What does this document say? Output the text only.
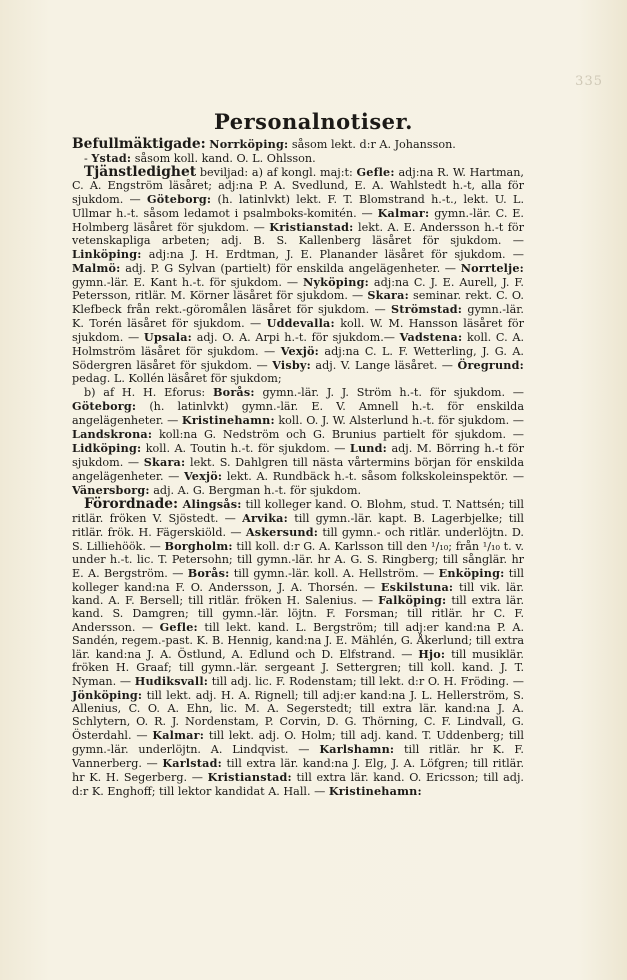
335
Personalnotiser.

Befullmäktigade: Norrköping: såsom lekt. d:r A. Johansson.

- Ystad: såsom koll. kand. O. L. Ohlsson.

Tjänstledighet beviljad: a) af kongl. maj:t: Gefle: adj:na R. W. Hartman, C. A. Engström läsåret; adj:na P. A. Svedlund, E. A. Wahlstedt h.-t, alla för sjukdom. — Göteborg: (h. latinlvkt) lekt. F. T. Blomstrand h.-t., lekt. U. L. Ullmar h.-t. såsom ledamot i psalmboks-komitén. — Kalmar: gymn.-lär. C. E. Holmberg läsåret för sjukdom. — Kristianstad: lekt. A. E. Andersson h.-t för vetenskapliga arbeten; adj. B. S. Kallenberg läsåret för sjukdom. — Linköping: adj:na J. H. Erdtman, J. E. Planander läsåret för sjukdom. — Malmö: adj. P. G Sylvan (partielt) för enskilda angelägenheter. — Norrtelje: gymn.-lär. E. Kant h.-t. för sjukdom. — Nyköping: adj:na C. J. E. Aurell, J. F. Petersson, ritlär. M. Körner läsåret för sjukdom. — Skara: seminar. rekt. C. O. Klefbeck från rekt.-göromålen läsåret för sjukdom. — Strömstad: gymn.-lär. K. Torén läsåret för sjukdom. — Uddevalla: koll. W. M. Hansson läsåret för sjukdom. — Upsala: adj. O. A. Arpi h.-t. för sjukdom.— Vadstena: koll. C. A. Holmström läsåret för sjukdom. — Vexjö: adj:na C. L. F. Wetterling, J. G. A. Södergren läsåret för sjukdom. — Visby: adj. V. Lange läsåret. — Öregrund: pedag. L. Kollén läsåret för sjukdom;

b) af H. H. Eforus: Borås: gymn.-lär. J. J. Ström h.-t. för sjukdom. — Göteborg: (h. latinlvkt) gymn.-lär. E. V. Amnell h.-t. för enskilda angelägenheter. — Kristinehamn: koll. O. J. W. Alsterlund h.-t. för sjukdom. — Landskrona: koll:na G. Nedström och G. Brunius partielt för sjukdom. — Lidköping: koll. A. Toutin h.-t. för sjukdom. — Lund: adj. M. Börring h.-t för sjukdom. — Skara: lekt. S. Dahlgren till nästa vårtermins början för enskilda angelägenheter. — Vexjö: lekt. A. Rundbäck h.-t. såsom folkskoleinspektör. — Vänersborg: adj. A. G. Bergman h.-t. för sjukdom.

Förordnade: Alingsås: till kolleger kand. O. Blohm, stud. T. Nattsén; till ritlär. fröken V. Sjöstedt. — Arvika: till gymn.-lär. kapt. B. Lagerbjelke; till ritlär. frök. H. Fägerskiöld. — Askersund: till gymn.- och ritlär. underlöjtn. D. S. Lilliehöök. — Borgholm: till koll. d:r G. A. Karlsson till den ¹/₁₀; från ¹/₁₀ t. v. under h.-t. lic. T. Petersohn; till gymn.-lär. hr A. G. S. Ringberg; till sånglär. hr E. A. Bergström. — Borås: till gymn.-lär. koll. A. Hellström. — Enköping: till kolleger kand:na F. O. Andersson, J. A. Thorsén. — Eskilstuna: till vik. lär. kand. A. F. Bersell; till ritlär. fröken H. Salenius. — Falköping: till extra lär. kand. S. Damgren; till gymn.-lär. löjtn. F. Forsman; till ritlär. hr C. F. Andersson. — Gefle: till lekt. kand. L. Bergström; till adj:er kand:na P. A. Sandén, regem.-past. K. B. Hennig, kand:na J. E. Mählén, G. Åkerlund; till extra lär. kand:na J. A. Östlund, A. Edlund och D. Elfstrand. — Hjo: till musiklär. fröken H. Graaf; till gymn.-lär. sergeant J. Settergren; till koll. kand. J. T. Nyman. — Hudiksvall: till adj. lic. F. Rodenstam; till lekt. d:r O. H. Fröding. — Jönköping: till lekt. adj. H. A. Rignell; till adj:er kand:na J. L. Hellerström, S. Allenius, C. O. A. Ehn, lic. M. A. Segerstedt; till extra lär. kand:na J. A. Schlytern, O. R. J. Nordenstam, P. Corvin, D. G. Thörning, C. F. Lindvall, G. Österdahl. — Kalmar: till lekt. adj. O. Holm; till adj. kand. T. Uddenberg; till gymn.-lär. underlöjtn. A. Lindqvist. — Karlshamn: till ritlär. hr K. F. Vannerberg. — Karlstad: till extra lär. kand:na J. Elg, J. A. Löfgren; till ritlär. hr K. H. Segerberg. — Kristianstad: till extra lär. kand. O. Ericsson; till adj. d:r K. Enghoff; till lektor kandidat A. Hall. — Kristinehamn:
